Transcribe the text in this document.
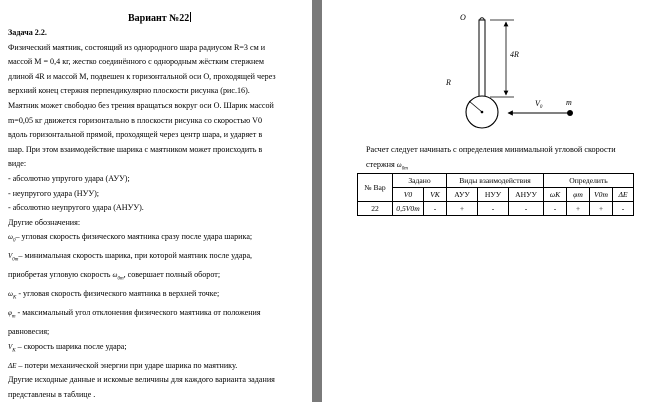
Вариант №22

Задача 2.2.

Физический маятник, состоящий из однородного шара радиусом R=3 см и

массой M = 0,4 кг, жестко соединённого с однородным жёстким стержнем

длиной 4R и массой M, подвешен к горизонтальной оси O, проходящей через

верхний конец стержня перпендикулярно плоскости рисунка (рис.16).

Маятник может свободно без трения вращаться вокруг оси O. Шарик массой

m=0,05 кг движется горизонтально в плоскости рисунка со скоростью V0

вдоль горизонтальной прямой, проходящей через центр шара, и ударяет в

шар. При этом взаимодействие шарика с маятником может происходить в

виде:

- абсолютно упругого удара (АУУ);

- неупругого удара (НУУ);

- абсолютно неупругого удара (АНУУ).

Другие обозначения:

$\omega_0-$ угловая скорость физического маятника сразу после удара шарика;

$V_{0m}-$ минимальная скорость шарика, при которой маятник после удара,

приобретая угловую скорость $\omega_{0m}$, совершает полный оборот;

$\omega_K$ - угловая скорость физического маятника в верхней точке;

$\varphi_m$ - максимальный угол отклонения физического маятника от положения

равновесия;

$V_K$ – скорость шарика после удара;

ΔE – потери механической энергии при ударе шарика по маятнику.

Другие исходные данные и искомые величины для каждого варианта задания

представлены в таблице .

O
4R
R
$V_0$
m

Расчет следует начинать с определения минимальной угловой скорости

стержня $\omega_{0m}$

№ Вар	Задано		Виды взаимодействия			Определить			
	V0	VK	АУУ	НУУ	АНУУ	ωK	φm	V0m	ΔE
22	0,5V0m	-	+	-	-	-	+	+	-
